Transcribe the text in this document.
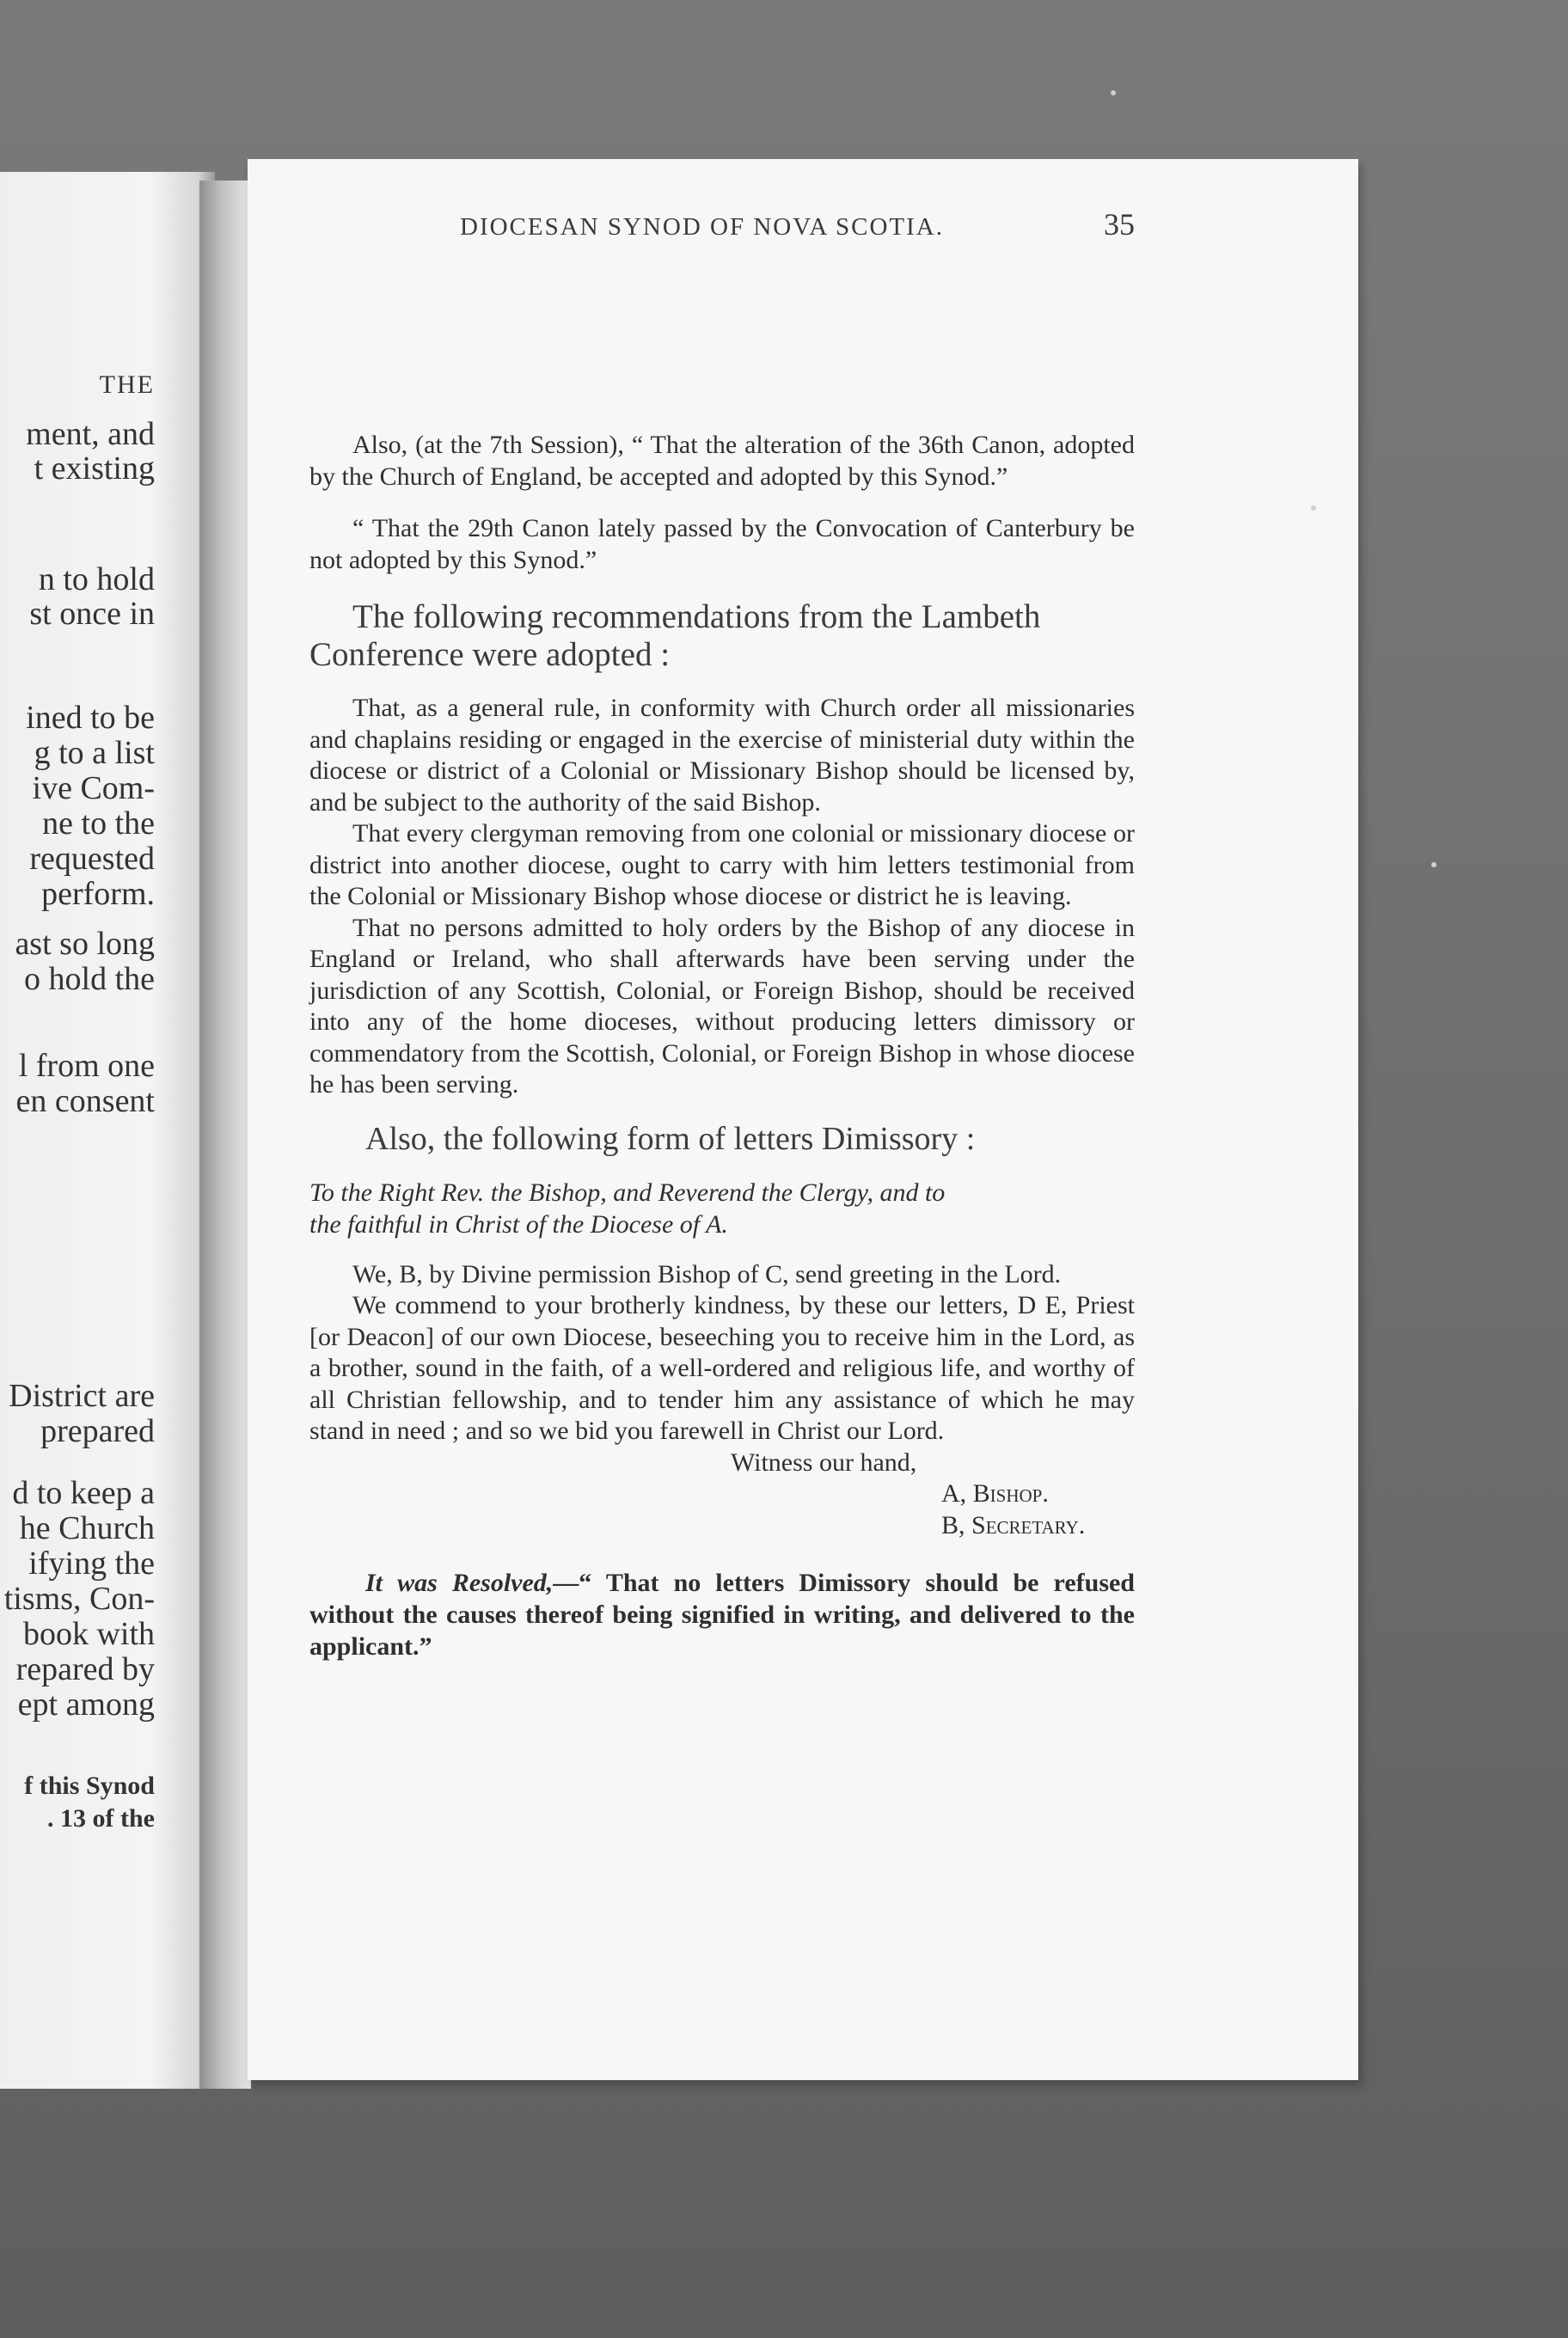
THE
ment, and
t existing
n to hold
st once in
ined to be
g to a list
ive Com-
ne to the
requested
perform.
ast so long
o hold the
l from one
en consent
District are
prepared
d to keep a
he Church
ifying the
tisms, Con-
book with
repared by
ept among
f this Synod
. 13 of the
DIOCESAN SYNOD OF NOVA SCOTIA.	35

Also, (at the 7th Session), “ That the alteration of the 36th Canon, adopted by the Church of England, be accepted and adopted by this Synod.”

“ That the 29th Canon lately passed by the Convocation of Canterbury be not adopted by this Synod.”

The following recommendations from the Lambeth Conference were adopted :

That, as a general rule, in conformity with Church order all missionaries and chaplains residing or engaged in the exercise of ministerial duty within the diocese or district of a Colonial or Missionary Bishop should be licensed by, and be subject to the authority of the said Bishop.

That every clergyman removing from one colonial or missionary diocese or district into another diocese, ought to carry with him letters testimonial from the Colonial or Missionary Bishop whose diocese or district he is leaving.

That no persons admitted to holy orders by the Bishop of any diocese in England or Ireland, who shall afterwards have been serving under the jurisdiction of any Scottish, Colonial, or Foreign Bishop, should be received into any of the home dioceses, without producing letters dimissory or commendatory from the Scottish, Colonial, or Foreign Bishop in whose diocese he has been serving.

Also, the following form of letters Dimissory :

To the Right Rev. the Bishop, and Reverend the Clergy, and to
the faithful in Christ of the Diocese of A.

We, B, by Divine permission Bishop of C, send greeting in the Lord.

We commend to your brotherly kindness, by these our letters, D E, Priest [or Deacon] of our own Diocese, beseeching you to receive him in the Lord, as a brother, sound in the faith, of a well-ordered and religious life, and worthy of all Christian fellowship, and to tender him any assistance of which he may stand in need ; and so we bid you farewell in Christ our Lord.

Witness our hand,

A, Bishop.

B, Secretary.

It was Resolved,—“ That no letters Dimissory should be refused without the causes thereof being signified in writing, and delivered to the applicant.”
